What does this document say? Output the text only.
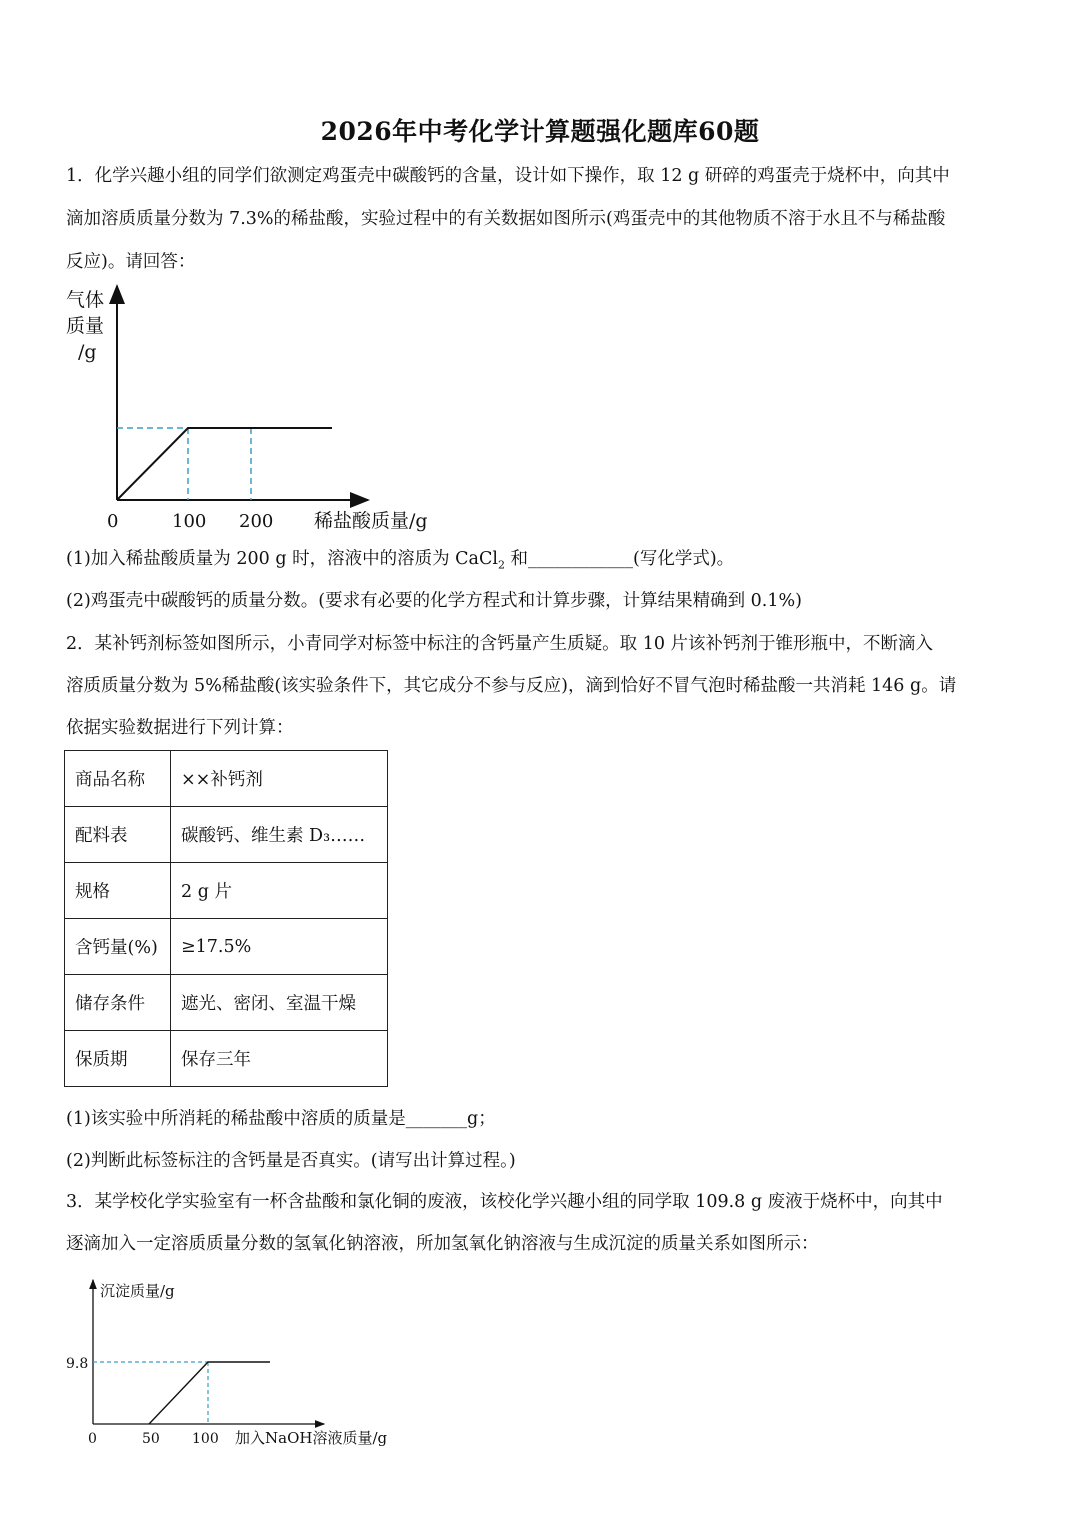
2026年中考化学计算题强化题库60题
1．化学兴趣小组的同学们欲测定鸡蛋壳中碳酸钙的含量，设计如下操作，取 12 g 研碎的鸡蛋壳于烧杯中，向其中
滴加溶质质量分数为 7.3%的稀盐酸，实验过程中的有关数据如图所示(鸡蛋壳中的其他物质不溶于水且不与稀盐酸
反应)。请回答：
气体
质量
/g
0	100 200 稀盐酸质量/g
(1)加入稀盐酸质量为 200 g 时，溶液中的溶质为 CaCl$_2$ 和____________(写化学式)。
(2)鸡蛋壳中碳酸钙的质量分数。(要求有必要的化学方程式和计算步骤，计算结果精确到 0.1%)
2．某补钙剂标签如图所示，小青同学对标签中标注的含钙量产生质疑。取 10 片该补钙剂于锥形瓶中，不断滴入
溶质质量分数为 5%稀盐酸(该实验条件下，其它成分不参与反应)，滴到恰好不冒气泡时稀盐酸一共消耗 146 g。请
依据实验数据进行下列计算：
商品名称	××补钙剂
配料表	碳酸钙、维生素 D₃……
规格	2 g 片
含钙量(%)	≥17.5%
储存条件	遮光、密闭、室温干燥
保质期	保存三年
(1)该实验中所消耗的稀盐酸中溶质的质量是_______g；
(2)判断此标签标注的含钙量是否真实。(请写出计算过程。)
3．某学校化学实验室有一杯含盐酸和氯化铜的废液，该校化学兴趣小组的同学取 109.8 g 废液于烧杯中，向其中
逐滴加入一定溶质质量分数的氢氧化钠溶液，所加氢氧化钠溶液与生成沉淀的质量关系如图所示：
沉淀质量/g
9.8
0	50 100 加入NaOH溶液质量/g
